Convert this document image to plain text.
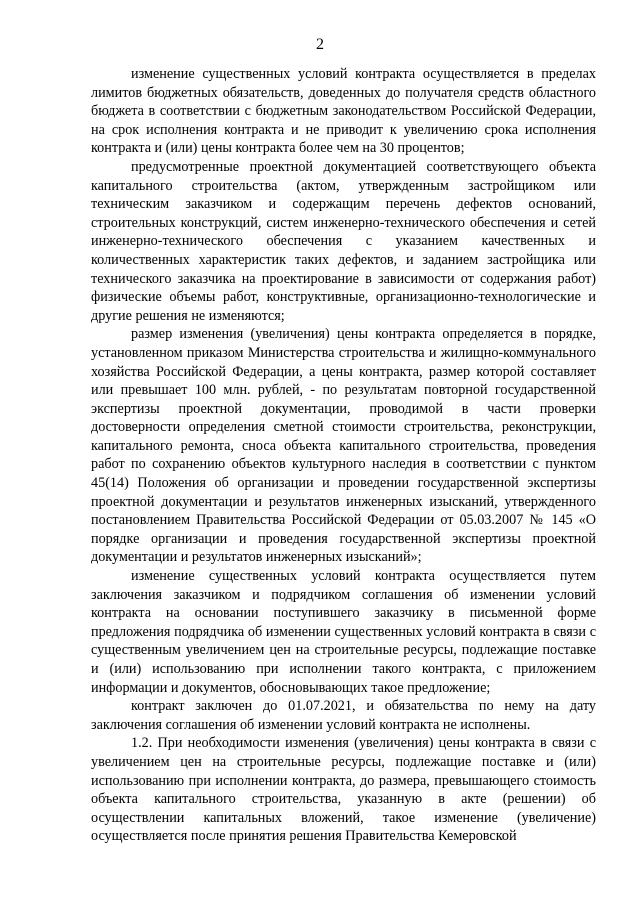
2

изменение существенных условий контракта осуществляется в пределах лимитов бюджетных обязательств, доведенных до получателя средств областного бюджета в соответствии с бюджетным законодательством Российской Федерации, на срок исполнения контракта и не приводит к увеличению срока исполнения контракта и (или) цены контракта более чем на 30 процентов;

предусмотренные проектной документацией соответствующего объекта капитального строительства (актом, утвержденным застройщиком или техническим заказчиком и содержащим перечень дефектов оснований, строительных конструкций, систем инженерно-технического обеспечения и сетей инженерно-технического обеспечения с указанием качественных и количественных характеристик таких дефектов, и заданием застройщика или технического заказчика на проектирование в зависимости от содержания работ) физические объемы работ, конструктивные, организационно-технологические и другие решения не изменяются;

размер изменения (увеличения) цены контракта определяется в порядке, установленном приказом Министерства строительства и жилищно-коммунального хозяйства Российской Федерации, а цены контракта, размер которой составляет или превышает 100 млн. рублей, - по результатам повторной государственной экспертизы проектной документации, проводимой в части проверки достоверности определения сметной стоимости строительства, реконструкции, капитального ремонта, сноса объекта капитального строительства, проведения работ по сохранению объектов культурного наследия в соответствии с пунктом 45(14) Положения об организации и проведении государственной экспертизы проектной документации и результатов инженерных изысканий, утвержденного постановлением Правительства Российской Федерации от 05.03.2007 № 145 «О порядке организации и проведения государственной экспертизы проектной документации и результатов инженерных изысканий»;

изменение существенных условий контракта осуществляется путем заключения заказчиком и подрядчиком соглашения об изменении условий контракта на основании поступившего заказчику в письменной форме предложения подрядчика об изменении существенных условий контракта в связи с существенным увеличением цен на строительные ресурсы, подлежащие поставке и (или) использованию при исполнении такого контракта, с приложением информации и документов, обосновывающих такое предложение;

контракт заключен до 01.07.2021, и обязательства по нему на дату заключения соглашения об изменении условий контракта не исполнены.

1.2. При необходимости изменения (увеличения) цены контракта в связи с увеличением цен на строительные ресурсы, подлежащие поставке и (или) использованию при исполнении контракта, до размера, превышающего стоимость объекта капитального строительства, указанную в акте (решении) об осуществлении капитальных вложений, такое изменение (увеличение) осуществляется после принятия решения Правительства Кемеровской
